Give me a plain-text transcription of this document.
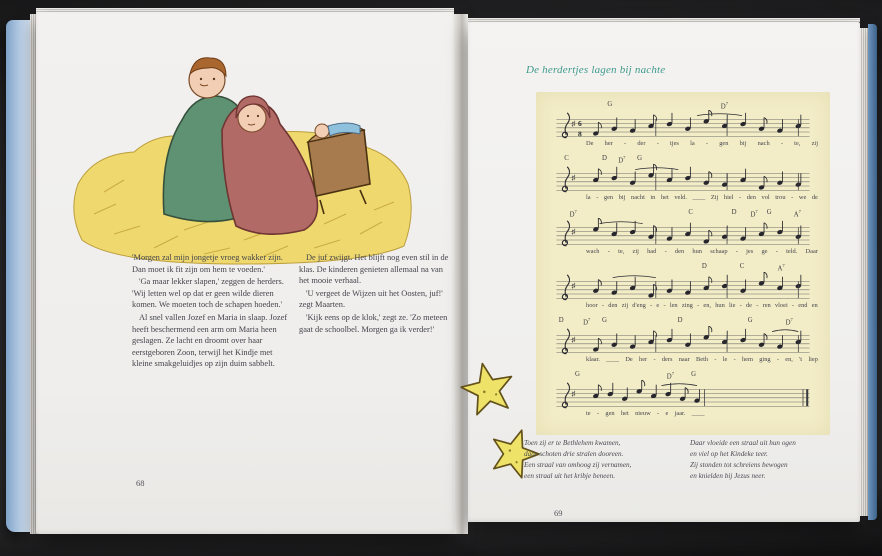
'Morgen zal mijn jongetje vroeg wakker zijn. Dan moet ik fit zijn om hem te voeden.'

'Ga maar lekker slapen,' zeggen de herders. 'Wij letten wel op dat er geen wilde dieren komen. We moeten toch de schapen hoeden.'

Al snel vallen Jozef en Maria in slaap. Jozef heeft beschermend een arm om Maria heen geslagen. Ze lacht en droomt over haar eerstgeboren Zoon, terwijl het Kindje met kleine smakgeluidjes op zijn duim sabbelt.

De juf zwijgt. Het blijft nog even stil in de klas. De kinderen genieten allemaal na van het mooie verhaal.

'U vergeet de Wijzen uit het Oosten, juf!' zegt Maarten.

'Kijk eens op de klok,' zegt ze. 'Zo meteen gaat de schoolbel. Morgen ga ik verder!'

68
De herdertjes lagen bij nachte
G	$D^7$
♯ 6
8
De her - der - tjes la - gen bij nach - te, zij
C	D $D^7$ G
♯
la - gen bij nacht in het veld. ____ Zij hiel - den vol trou - we de
$D^7$	C	D $D^7$ G	$A^7$
♯
wach - te, zij had - den hun schaap - jes ge - teld. Daar
D	C	$A^7$
♯
hoor - den zij d'eng - e - len zing - en, hun lie - de - ren vloei - end en
D	$D^7$ G	D	G	$D^7$
♯
klaar. ____ De her - ders naar Beth - le - hem ging - en, 't liep
G	$D^7$	G
♯
te - gen het nieuw - e jaar. ____
Toen zij er te Bethlehem kwamen,
daar schoten drie stralen dooreen.
Een straal van omhoog zij vernamen,
een straal uit het kribje beneen.
Daar vloeide een straal uit hun ogen
en viel op het Kindeke teer.
Zij stonden tot schreiens bewogen
en knielden bij Jezus neer.
69
